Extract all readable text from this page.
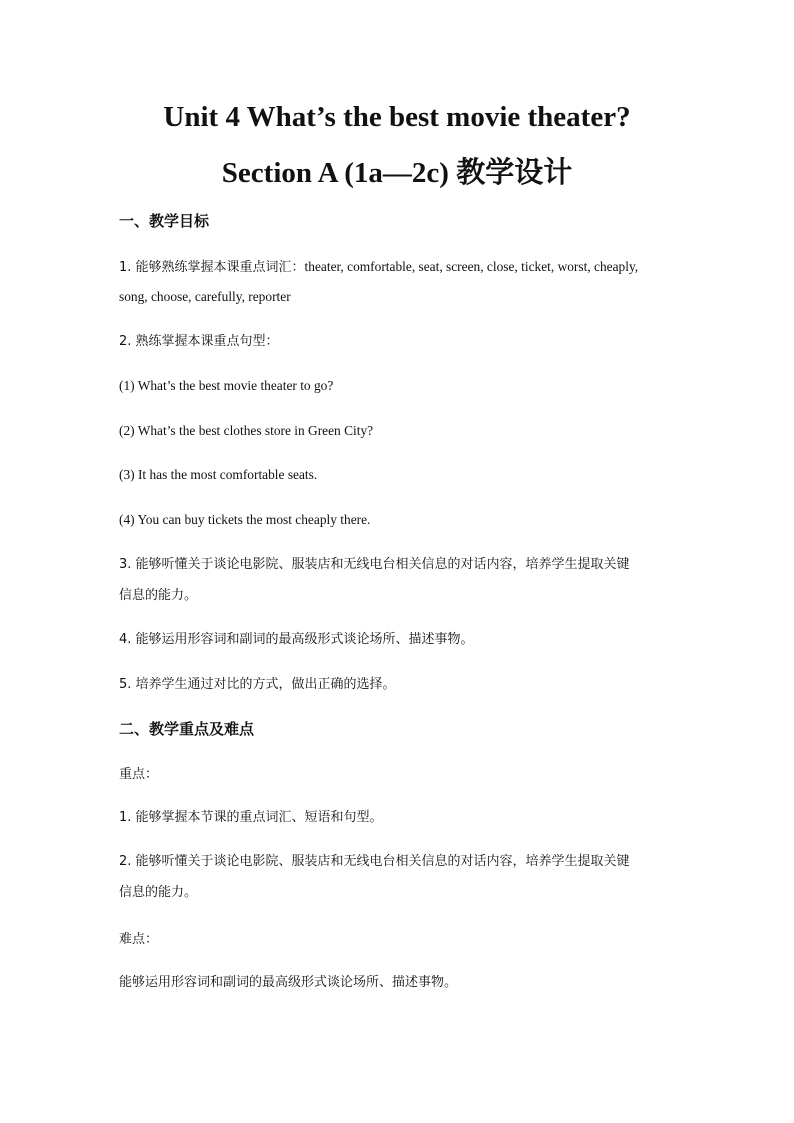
Unit 4 What’s the best movie theater?
Section A (1a—2c) 教学设计
一、教学目标
1. 能够熟练掌握本课重点词汇：theater, comfortable, seat, screen, close, ticket, worst, cheaply,
song, choose, carefully, reporter
2. 熟练掌握本课重点句型：
(1) What’s the best movie theater to go?
(2) What’s the best clothes store in Green City?
(3) It has the most comfortable seats.
(4) You can buy tickets the most cheaply there.
3. 能够听懂关于谈论电影院、服装店和无线电台相关信息的对话内容，培养学生提取关键
信息的能力。
4. 能够运用形容词和副词的最高级形式谈论场所、描述事物。
5. 培养学生通过对比的方式，做出正确的选择。
二、教学重点及难点
重点：
1. 能够掌握本节课的重点词汇、短语和句型。
2. 能够听懂关于谈论电影院、服装店和无线电台相关信息的对话内容，培养学生提取关键
信息的能力。
难点：
能够运用形容词和副词的最高级形式谈论场所、描述事物。
